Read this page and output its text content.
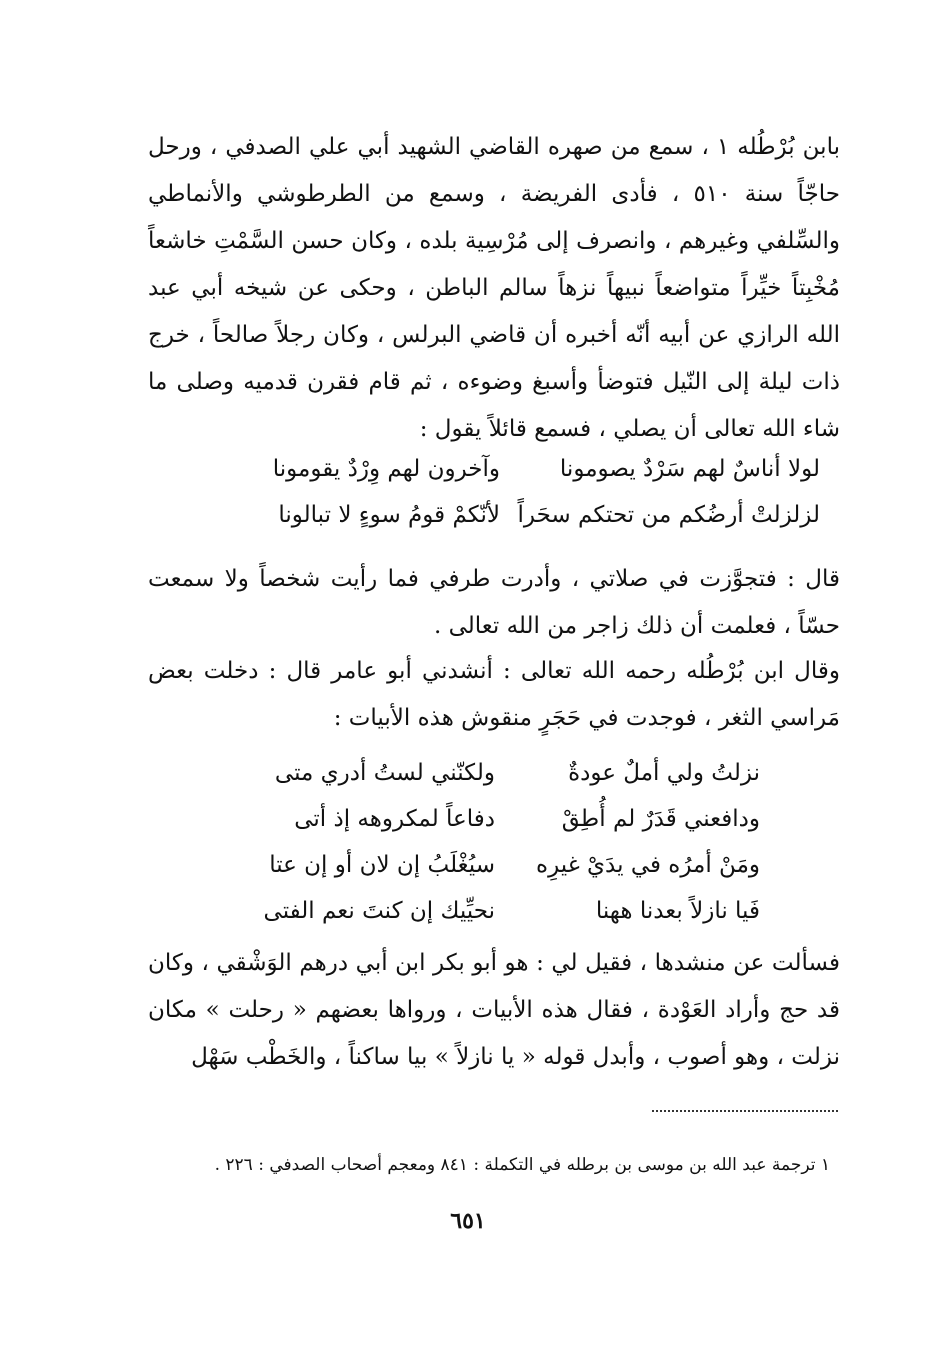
بابن بُرْطُله ١ ، سمع من صهره القاضي الشهيد أبي علي الصدفي ، ورحل حاجّاً سنة ٥١٠ ، فأدى الفريضة ، وسمع من الطرطوشي والأنماطي والسِّلفي وغيرهم ، وانصرف إلى مُرْسِية بلده ، وكان حسن السَّمْتِ خاشعاً مُخْبِتاً خيِّراً متواضعاً نبيهاً نزهاً سالم الباطن ، وحكى عن شيخه أبي عبد الله الرازي عن أبيه أنّه أخبره أن قاضي البرلس ، وكان رجلاً صالحاً ، خرج ذات ليلة إلى النّيل فتوضأ وأسبغ وضوءه ، ثم قام فقرن قدميه وصلى ما شاء الله تعالى أن يصلي ، فسمع قائلاً يقول :

لولا أناسٌ لهم سَرْدٌ يصومونا
وآخرون لهم وِرْدٌ يقومونا
لزلزلتْ أرضُكم من تحتكم سحَراً
لأنّكمْ قومُ سوءٍ لا تبالونا

قال : فتجوَّزت في صلاتي ، وأدرت طرفي فما رأيت شخصاً ولا سمعت حسّاً ، فعلمت أن ذلك زاجر من الله تعالى .

وقال ابن بُرْطُله رحمه الله تعالى : أنشدني أبو عامر قال : دخلت بعض مَراسي الثغر ، فوجدت في حَجَرٍ منقوش هذه الأبيات :

نزلتُ ولي أملٌ عودةٌ
ولكنّني لستُ أدري متى
ودافعني قَدَرٌ لم أُطِقْ
دفاعاً لمكروهه إذ أتى
ومَنْ أمرُه في يدَيْ غيرِه
سيُغْلَبُ إن لان أو إن عتا
فَيا نازلاً بعدنا ههنا
نحيِّيك إن كنتَ نعم الفتى

فسألت عن منشدها ، فقيل لي : هو أبو بكر ابن أبي درهم الوَشْقي ، وكان قد حج وأراد العَوْدة ، فقال هذه الأبيات ، ورواها بعضهم « رحلت » مكان نزلت ، وهو أصوب ، وأبدل قوله « يا نازلاً » بيا ساكناً ، والخَطْب سَهْل

١ ترجمة عبد الله بن موسى بن برطله في التكملة : ٨٤١ ومعجم أصحاب الصدفي : ٢٢٦ .
٦٥١
